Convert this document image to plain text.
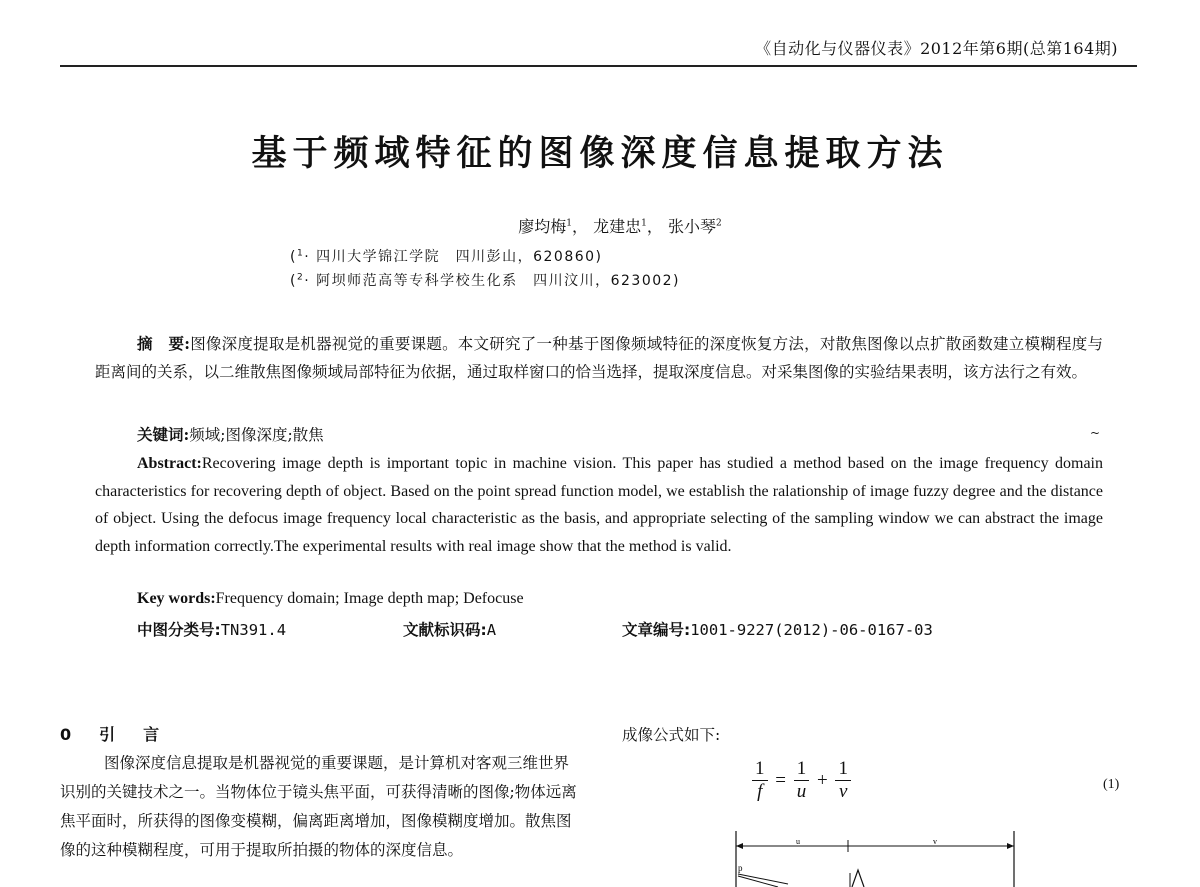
《自动化与仪器仪表》2012年第6期(总第164期)
基于频域特征的图像深度信息提取方法
廖均梅$^1$， 龙建忠$^1$， 张小琴$^2$
($^1$· 四川大学锦江学院　四川彭山，620860)
($^2$· 阿坝师范高等专科学校生化系　四川汶川，623002)
摘　要:图像深度提取是机器视觉的重要课题。本文研究了一种基于图像频域特征的深度恢复方法，对散焦图像以点扩散函数建立模糊程度与距离间的关系，以二维散焦图像频域局部特征为依据，通过取样窗口的恰当选择，提取深度信息。对采集图像的实验结果表明，该方法行之有效。
关键词:频域;图像深度;散焦	~
Abstract:Recovering image depth is important topic in machine vision. This paper has studied a method based on the image frequency domain characteristics for recovering depth of object. Based on the point spread function model, we establish the ralationship of image fuzzy degree and the distance of object. Using the defocus image frequency local characteristic as the basis, and appropriate selecting of the sampling window we can abstract the image depth information correctly.The experimental results with real image show that the method is valid.
Key words:Frequency domain; Image depth map; Defocuse
中图分类号:TN391.4	文献标识码:A	文章编号:1001-9227(2012)-06-0167-03
0　引　言
图像深度信息提取是机器视觉的重要课题，是计算机对客观三维世界识别的关键技术之一。当物体位于镜头焦平面，可获得清晰的图像;物体远离焦平面时，所获得的图像变模糊，偏离距离增加，图像模糊度增加。散焦图像的这种模糊程度，可用于提取所拍摄的物体的深度信息。
成像公式如下:
$\frac{1}{f} = \frac{1}{u} + \frac{1}{v}$	(1)
u	v
p
